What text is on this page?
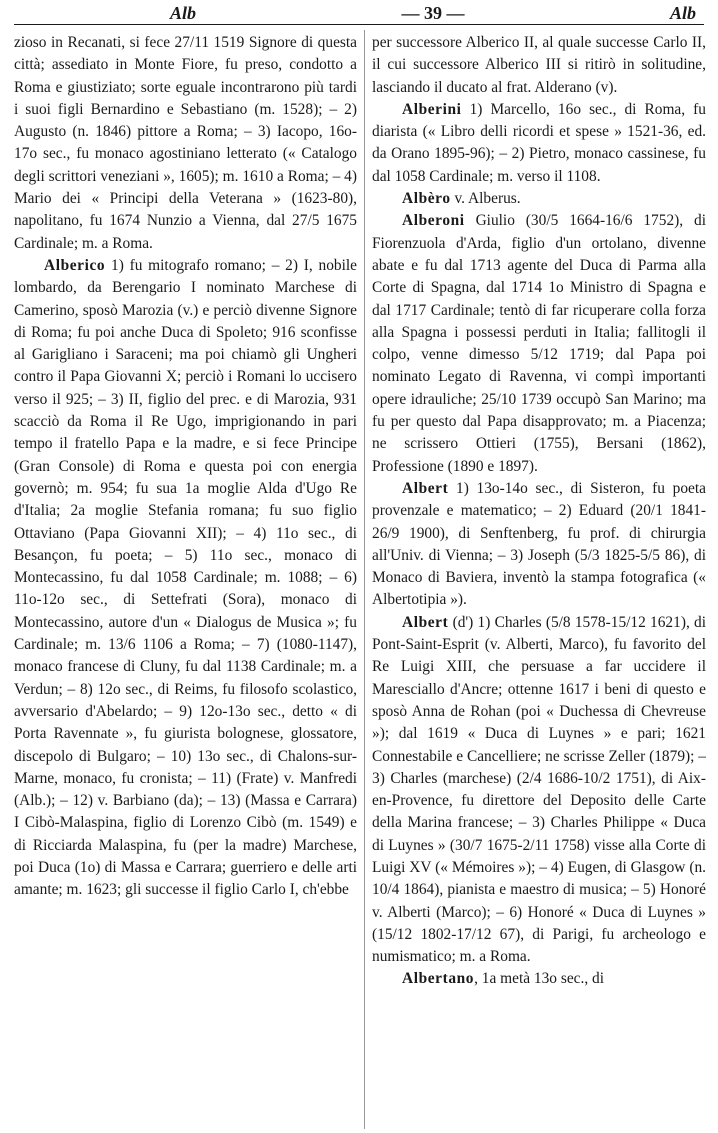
Alb	— 39 —	Alb

zioso in Recanati, si fece 27/11 1519 Signore di questa città; assediato in Monte Fiore, fu preso, condotto a Roma e giustiziato; sorte eguale incontrarono più tardi i suoi figli Bernardino e Sebastiano (m. 1528); – 2) Augusto (n. 1846) pittore a Roma; – 3) Iacopo, 16o-17o sec., fu monaco agostiniano letterato (« Catalogo degli scrittori veneziani », 1605); m. 1610 a Roma; – 4) Mario dei « Principi della Veterana » (1623-80), napolitano, fu 1674 Nunzio a Vienna, dal 27/5 1675 Cardinale; m. a Roma.

Alberico 1) fu mitografo romano; – 2) I, nobile lombardo, da Berengario I nominato Marchese di Camerino, sposò Marozia (v.) e perciò divenne Signore di Roma; fu poi anche Duca di Spoleto; 916 sconfisse al Garigliano i Saraceni; ma poi chiamò gli Ungheri contro il Papa Giovanni X; perciò i Romani lo uccisero verso il 925; – 3) II, figlio del prec. e di Marozia, 931 scacciò da Roma il Re Ugo, imprigionando in pari tempo il fratello Papa e la madre, e si fece Principe (Gran Console) di Roma e questa poi con energia governò; m. 954; fu sua 1a moglie Alda d'Ugo Re d'Italia; 2a moglie Stefania romana; fu suo figlio Ottaviano (Papa Giovanni XII); – 4) 11o sec., di Besançon, fu poeta; – 5) 11o sec., monaco di Montecassino, fu dal 1058 Cardinale; m. 1088; – 6) 11o-12o sec., di Settefrati (Sora), monaco di Montecassino, autore d'un « Dialogus de Musica »; fu Cardinale; m. 13/6 1106 a Roma; – 7) (1080-1147), monaco francese di Cluny, fu dal 1138 Cardinale; m. a Verdun; – 8) 12o sec., di Reims, fu filosofo scolastico, avversario d'Abelardo; – 9) 12o-13o sec., detto « di Porta Ravennate », fu giurista bolognese, glossatore, discepolo di Bulgaro; – 10) 13o sec., di Chalons-sur-Marne, monaco, fu cronista; – 11) (Frate) v. Manfredi (Alb.); – 12) v. Barbiano (da); – 13) (Massa e Carrara) I Cibò-Malaspina, figlio di Lorenzo Cibò (m. 1549) e di Ricciarda Malaspina, fu (per la madre) Marchese, poi Duca (1o) di Massa e Carrara; guerriero e delle arti amante; m. 1623; gli successe il figlio Carlo I, ch'ebbe

per successore Alberico II, al quale successe Carlo II, il cui successore Alberico III si ritirò in solitudine, lasciando il ducato al frat. Alderano (v).

Alberini 1) Marcello, 16o sec., di Roma, fu diarista (« Libro delli ricordi et spese » 1521-36, ed. da Orano 1895-96); – 2) Pietro, monaco cassinese, fu dal 1058 Cardinale; m. verso il 1108.

Albèro v. Alberus.

Alberoni Giulio (30/5 1664-16/6 1752), di Fiorenzuola d'Arda, figlio d'un ortolano, divenne abate e fu dal 1713 agente del Duca di Parma alla Corte di Spagna, dal 1714 1o Ministro di Spagna e dal 1717 Cardinale; tentò di far ricuperare colla forza alla Spagna i possessi perduti in Italia; fallitogli il colpo, venne dimesso 5/12 1719; dal Papa poi nominato Legato di Ravenna, vi compì importanti opere idrauliche; 25/10 1739 occupò San Marino; ma fu per questo dal Papa disapprovato; m. a Piacenza; ne scrissero Ottieri (1755), Bersani (1862), Professione (1890 e 1897).

Albert 1) 13o-14o sec., di Sisteron, fu poeta provenzale e matematico; – 2) Eduard (20/1 1841-26/9 1900), di Senftenberg, fu prof. di chirurgia all'Univ. di Vienna; – 3) Joseph (5/3 1825-5/5 86), di Monaco di Baviera, inventò la stampa fotografica (« Albertotipia »).

Albert (d') 1) Charles (5/8 1578-15/12 1621), di Pont-Saint-Esprit (v. Alberti, Marco), fu favorito del Re Luigi XIII, che persuase a far uccidere il Maresciallo d'Ancre; ottenne 1617 i beni di questo e sposò Anna de Rohan (poi « Duchessa di Chevreuse »); dal 1619 « Duca di Luynes » e pari; 1621 Connestabile e Cancelliere; ne scrisse Zeller (1879); – 3) Charles (marchese) (2/4 1686-10/2 1751), di Aix-en-Provence, fu direttore del Deposito delle Carte della Marina francese; – 3) Charles Philippe « Duca di Luynes » (30/7 1675-2/11 1758) visse alla Corte di Luigi XV (« Mémoires »); – 4) Eugen, di Glasgow (n. 10/4 1864), pianista e maestro di musica; – 5) Honoré v. Alberti (Marco); – 6) Honoré « Duca di Luynes » (15/12 1802-17/12 67), di Parigi, fu archeologo e numismatico; m. a Roma.

Albertano, 1a metà 13o sec., di
